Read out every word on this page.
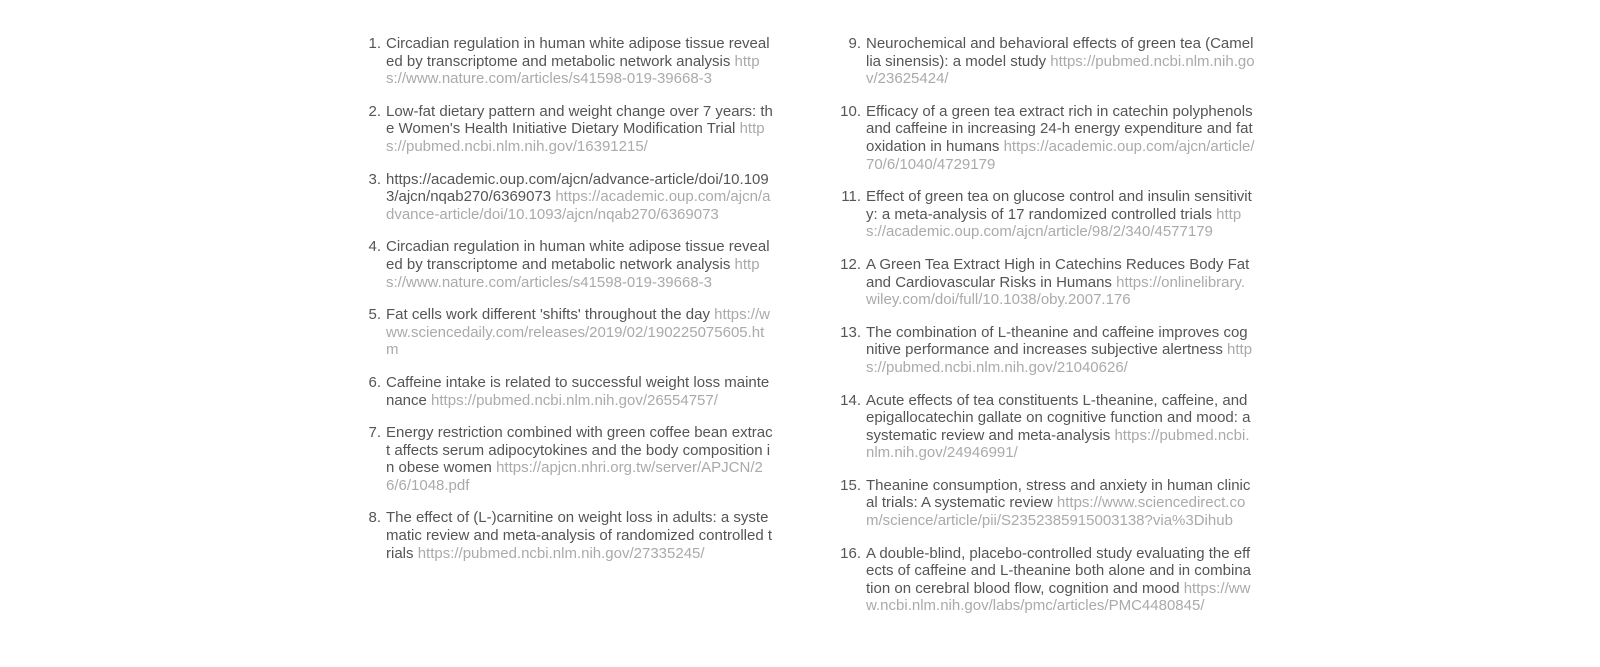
1. Circadian regulation in human white adipose tissue revealed by transcriptome and metabolic network analysis https://www.nature.com/articles/s41598-019-39668-3
2. Low-fat dietary pattern and weight change over 7 years: the Women's Health Initiative Dietary Modification Trial https://pubmed.ncbi.nlm.nih.gov/16391215/
3. https://academic.oup.com/ajcn/advance-article/doi/10.1093/ajcn/nqab270/6369073 https://academic.oup.com/ajcn/advance-article/doi/10.1093/ajcn/nqab270/6369073
4. Circadian regulation in human white adipose tissue revealed by transcriptome and metabolic network analysis https://www.nature.com/articles/s41598-019-39668-3
5. Fat cells work different 'shifts' throughout the day https://www.sciencedaily.com/releases/2019/02/190225075605.htm
6. Caffeine intake is related to successful weight loss maintenance https://pubmed.ncbi.nlm.nih.gov/26554757/
7. Energy restriction combined with green coffee bean extract affects serum adipocytokines and the body composition in obese women https://apjcn.nhri.org.tw/server/APJCN/26/6/1048.pdf
8. The effect of (L-)carnitine on weight loss in adults: a systematic review and meta-analysis of randomized controlled trials https://pubmed.ncbi.nlm.nih.gov/27335245/
9. Neurochemical and behavioral effects of green tea (Camellia sinensis): a model study https://pubmed.ncbi.nlm.nih.gov/23625424/
10. Efficacy of a green tea extract rich in catechin polyphenols and caffeine in increasing 24-h energy expenditure and fat oxidation in humans https://academic.oup.com/ajcn/article/70/6/1040/4729179
11. Effect of green tea on glucose control and insulin sensitivity: a meta-analysis of 17 randomized controlled trials https://academic.oup.com/ajcn/article/98/2/340/4577179
12. A Green Tea Extract High in Catechins Reduces Body Fat and Cardiovascular Risks in Humans https://onlinelibrary.wiley.com/doi/full/10.1038/oby.2007.176
13. The combination of L-theanine and caffeine improves cognitive performance and increases subjective alertness https://pubmed.ncbi.nlm.nih.gov/21040626/
14. Acute effects of tea constituents L-theanine, caffeine, and epigallocatechin gallate on cognitive function and mood: a systematic review and meta-analysis https://pubmed.ncbi.nlm.nih.gov/24946991/
15. Theanine consumption, stress and anxiety in human clinical trials: A systematic review https://www.sciencedirect.com/science/article/pii/S2352385915003138?via%3Dihub
16. A double-blind, placebo-controlled study evaluating the effects of caffeine and L-theanine both alone and in combination on cerebral blood flow, cognition and mood https://www.ncbi.nlm.nih.gov/labs/pmc/articles/PMC4480845/
